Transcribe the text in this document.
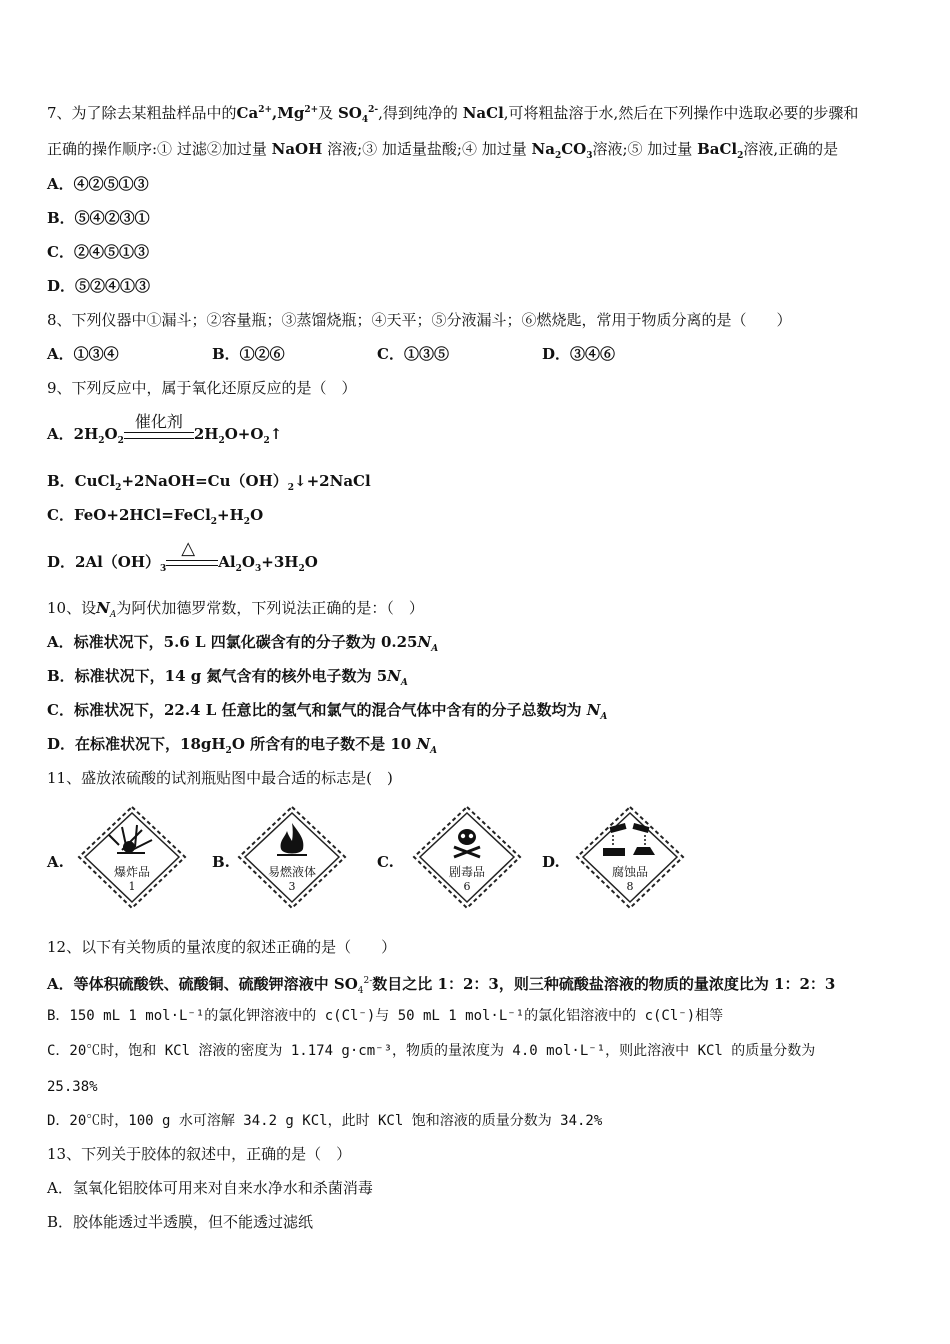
7、为了除去某粗盐样品中的$Ca^{2+},Mg^{2+}$及 $SO_4^{2-}$,得到纯净的 NaCl,可将粗盐溶于水,然后在下列操作中选取必要的步骤和
正确的操作顺序:① 过滤②加过量 NaOH 溶液;③ 加适量盐酸;④ 加过量 $Na_2CO_3$溶液;⑤ 加过量 BaCl$_2$溶液,正确的是
A．④②⑤①③
B．⑤④②③①
C．②④⑤①③
D．⑤②④①③
8、下列仪器中①漏斗；②容量瓶；③蒸馏烧瓶；④天平；⑤分液漏斗；⑥燃烧匙，常用于物质分离的是（　　）
A．①③④	B．①②⑥	C．①③⑤	D．③④⑥
9、下列反应中，属于氧化还原反应的是（　）
A．$2H_2O_2$
催化剂
$2H_2O+O_2↑$
B．$CuCl_2+2NaOH=Cu(OH)_2↓+2NaCl$
C．$FeO+2HCl=FeCl_2+H_2O$
D．$2Al(OH)_3$
△
$Al_2O_3+3H_2O$
10、设$N_A$为阿伏加德罗常数，下列说法正确的是：（　）
A．标准状况下，5.6 L 四氯化碳含有的分子数为 $0.25N_A$
B．标准状况下，14 g 氮气含有的核外电子数为 $5N_A$
C．标准状况下，22.4 L 任意比的氢气和氯气的混合气体中含有的分子总数均为 $N_A$
D．在标准状况下，$18gH_2O$ 所含有的电子数不是 10 $N_A$
11、盛放浓硫酸的试剂瓶贴图中最合适的标志是(　)
A.
爆炸品
1
B.
易燃液体
3
C.
剧毒品
6
D.
腐蚀品
8
12、以下有关物质的量浓度的叙述正确的是（　　）
A．等体积硫酸铁、硫酸铜、硫酸钾溶液中 $SO_4^{2-}$数目之比 1：2：3，则三种硫酸盐溶液的物质的量浓度比为 1：2：3
B．150 mL 1 mol·L⁻¹的氯化钾溶液中的 c(Cl⁻)与 50 mL 1 mol·L⁻¹的氯化铝溶液中的 c(Cl⁻)相等
C．20℃时，饱和 KCl 溶液的密度为 1.174 g·cm⁻³，物质的量浓度为 4.0 mol·L⁻¹，则此溶液中 KCl 的质量分数为
25.38%
D．20℃时，100 g 水可溶解 34.2 g KCl，此时 KCl 饱和溶液的质量分数为 34.2%
13、下列关于胶体的叙述中，正确的是（　）
A．氢氧化铝胶体可用来对自来水净水和杀菌消毒
B．胶体能透过半透膜，但不能透过滤纸
